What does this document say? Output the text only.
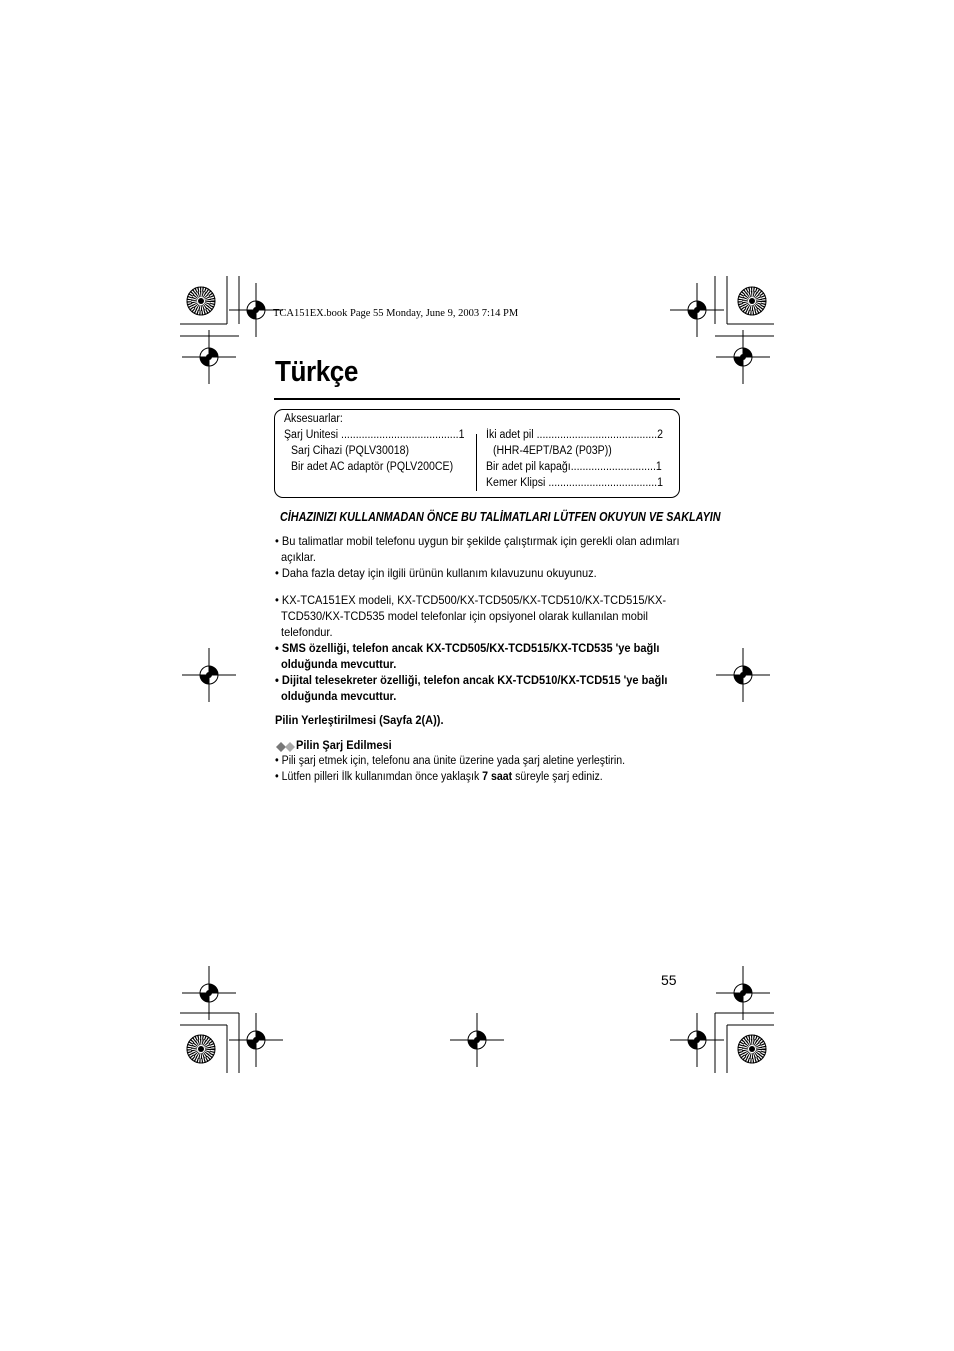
TCA151EX.book Page 55 Monday, June 9, 2003 7:14 PM
Türkçe
Aksesuarlar:
Şarj Ünitesi ........................................1
Sarj Cihazi (PQLV30018)
Bir adet AC adaptör (PQLV200CE)
İki adet pil .........................................2
(HHR-4EPT/BA2 (P03P))
Bir adet pil kapağı.............................1
Kemer Klipsi .....................................1
CİHAZINIZI KULLANMADAN ÖNCE BU TALİMATLARI LÜTFEN OKUYUN VE SAKLAYIN
• Bu talimatlar mobil telefonu uygun bir şekilde çalıştırmak için gerekli olan adımları
açıklar.
• Daha fazla detay için ilgili ürünün kullanım kılavuzunu okuyunuz.
• KX-TCA151EX modeli, KX-TCD500/KX-TCD505/KX-TCD510/KX-TCD515/KX-
TCD530/KX-TCD535 model telefonlar için opsiyonel olarak kullanılan mobil
telefondur.
• SMS özelliği, telefon ancak KX-TCD505/KX-TCD515/KX-TCD535 'ye bağlı
olduğunda mevcuttur.
• Dijital telesekreter özelliği, telefon ancak KX-TCD510/KX-TCD515 'ye bağlı
olduğunda mevcuttur.
Pilin Yerleştirilmesi (Sayfa 2(A)).
Pilin Şarj Edilmesi
• Pili şarj etmek için, telefonu ana ünite üzerine yada şarj aletine yerleştirin.
• Lütfen pilleri İlk kullanımdan önce yaklaşık 7 saat süreyle şarj ediniz.
55
